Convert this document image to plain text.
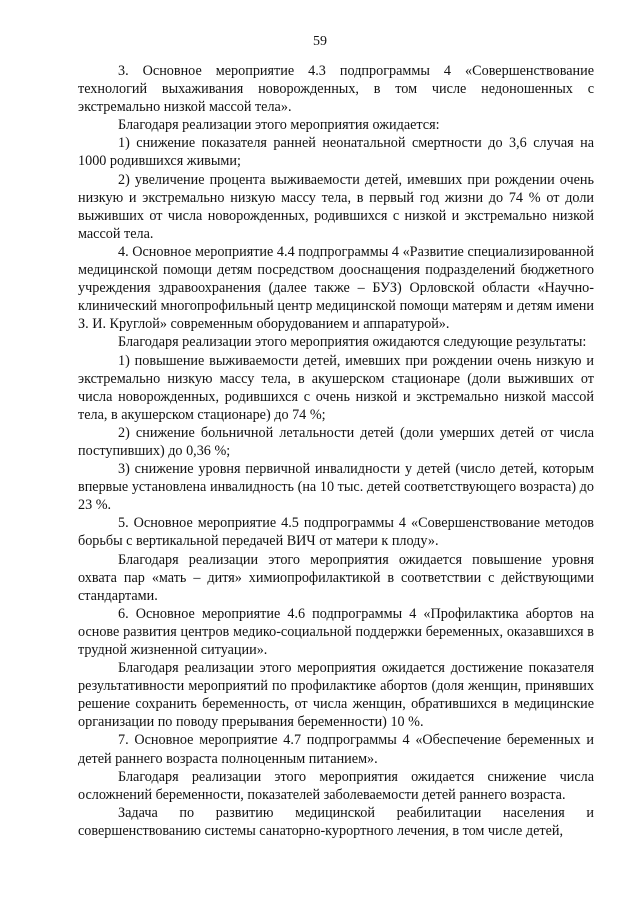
59

3. Основное мероприятие 4.3 подпрограммы 4 «Совершенствование технологий выхаживания новорожденных, в том числе недоношенных с экстремально низкой массой тела».

Благодаря реализации этого мероприятия ожидается:

1) снижение показателя ранней неонатальной смертности до 3,6 случая на 1000 родившихся живыми;

2) увеличение процента выживаемости детей, имевших при рождении очень низкую и экстремально низкую массу тела, в первый год жизни до 74 % от доли выживших от числа новорожденных, родившихся с низкой и экстремально низкой массой тела.

4. Основное мероприятие 4.4 подпрограммы 4 «Развитие специализированной медицинской помощи детям посредством дооснащения подразделений бюджетного учреждения здравоохранения (далее также – БУЗ) Орловской области «Научно-клинический многопрофильный центр медицинской помощи матерям и детям имени З. И. Круглой» современным оборудованием и аппаратурой».

Благодаря реализации этого мероприятия ожидаются следующие результаты:

1) повышение выживаемости детей, имевших при рождении очень низкую и экстремально низкую массу тела, в акушерском стационаре (доли выживших от числа новорожденных, родившихся с очень низкой и экстремально низкой массой тела, в акушерском стационаре) до 74 %;

2) снижение больничной летальности детей (доли умерших детей от числа поступивших) до 0,36 %;

3) снижение уровня первичной инвалидности у детей (число детей, которым впервые установлена инвалидность (на 10 тыс. детей соответствующего возраста) до 23 %.

5. Основное мероприятие 4.5 подпрограммы 4 «Совершенствование методов борьбы с вертикальной передачей ВИЧ от матери к плоду».

Благодаря реализации этого мероприятия ожидается повышение уровня охвата пар «мать – дитя» химиопрофилактикой в соответствии с действующими стандартами.

6. Основное мероприятие 4.6 подпрограммы 4 «Профилактика абортов на основе развития центров медико-социальной поддержки беременных, оказавшихся в трудной жизненной ситуации».

Благодаря реализации этого мероприятия ожидается достижение показателя результативности мероприятий по профилактике абортов (доля женщин, принявших решение сохранить беременность, от числа женщин, обратившихся в медицинские организации по поводу прерывания беременности) 10 %.

7. Основное мероприятие 4.7 подпрограммы 4 «Обеспечение беременных и детей раннего возраста полноценным питанием».

Благодаря реализации этого мероприятия ожидается снижение числа осложнений беременности, показателей заболеваемости детей раннего возраста.

Задача по развитию медицинской реабилитации населения и совершенствованию системы санаторно-курортного лечения, в том числе детей,
